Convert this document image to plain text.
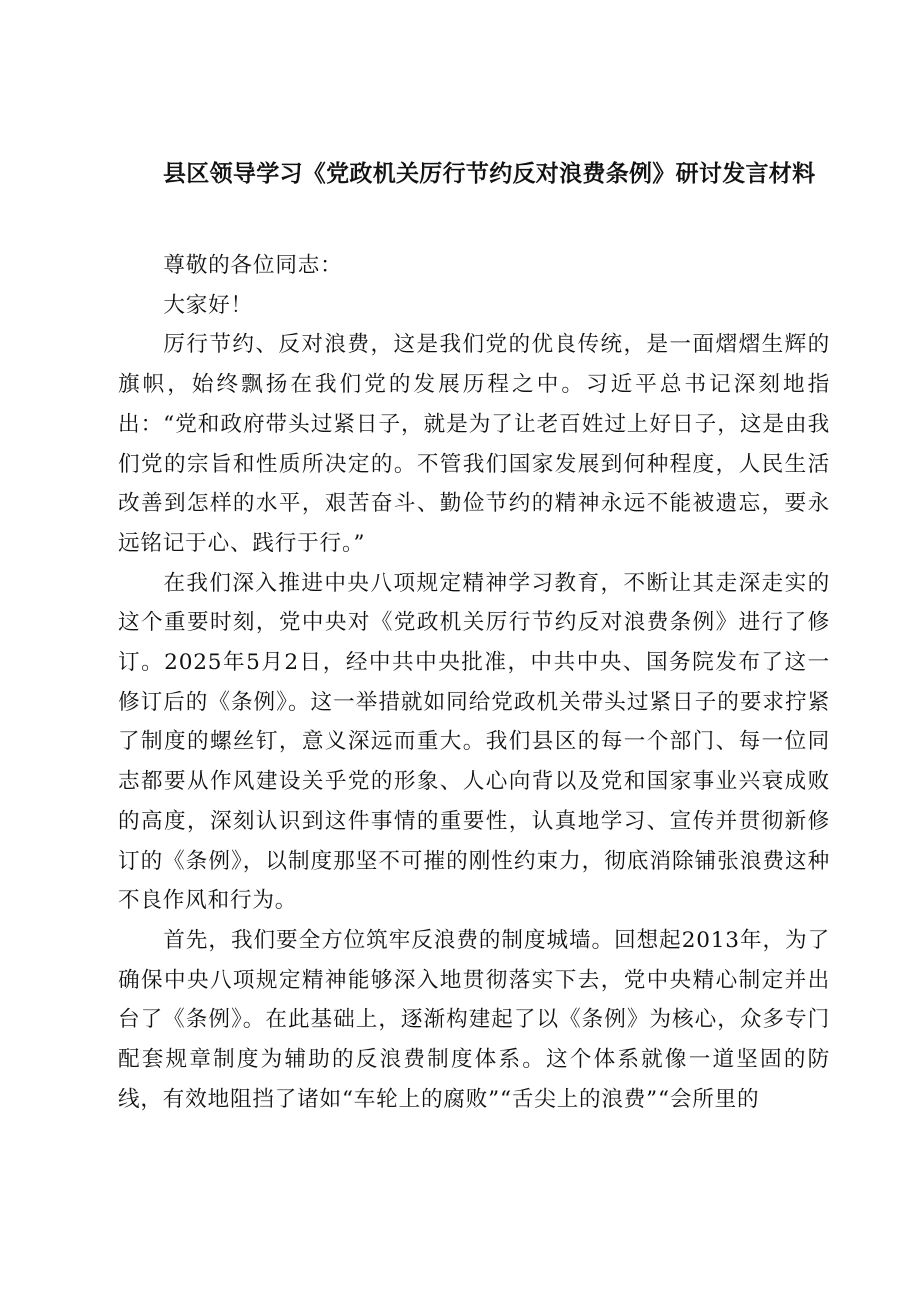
县区领导学习《党政机关厉行节约反对浪费条例》研讨发言材料

尊敬的各位同志：

大家好！

厉行节约、反对浪费，这是我们党的优良传统，是一面熠熠生辉的旗帜，始终飘扬在我们党的发展历程之中。习近平总书记深刻地指出：“党和政府带头过紧日子，就是为了让老百姓过上好日子，这是由我们党的宗旨和性质所决定的。不管我们国家发展到何种程度，人民生活改善到怎样的水平，艰苦奋斗、勤俭节约的精神永远不能被遗忘，要永远铭记于心、践行于行。”

在我们深入推进中央八项规定精神学习教育，不断让其走深走实的这个重要时刻，党中央对《党政机关厉行节约反对浪费条例》进行了修订。2025年5月2日，经中共中央批准，中共中央、国务院发布了这一修订后的《条例》。这一举措就如同给党政机关带头过紧日子的要求拧紧了制度的螺丝钉，意义深远而重大。我们县区的每一个部门、每一位同志都要从作风建设关乎党的形象、人心向背以及党和国家事业兴衰成败的高度，深刻认识到这件事情的重要性，认真地学习、宣传并贯彻新修订的《条例》，以制度那坚不可摧的刚性约束力，彻底消除铺张浪费这种不良作风和行为。

首先，我们要全方位筑牢反浪费的制度城墙。回想起2013年，为了确保中央八项规定精神能够深入地贯彻落实下去，党中央精心制定并出台了《条例》。在此基础上，逐渐构建起了以《条例》为核心，众多专门配套规章制度为辅助的反浪费制度体系。这个体系就像一道坚固的防线，有效地阻挡了诸如“车轮上的腐败”“舌尖上的浪费”“会所里的
